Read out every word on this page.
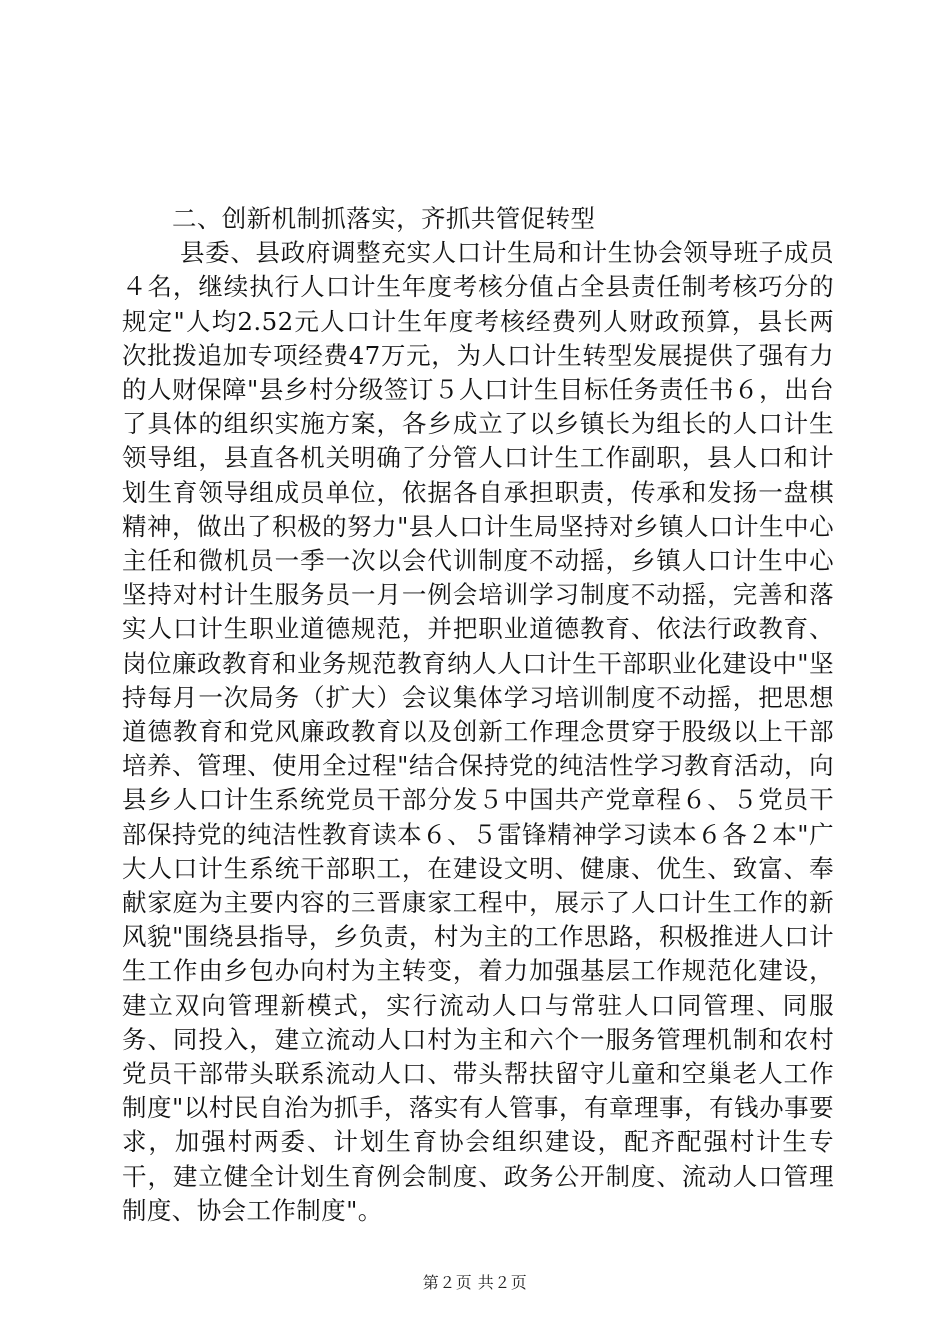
二、创新机制抓落实，齐抓共管促转型

县委、县政府调整充实人口计生局和计生协会领导班子成员４名，继续执行人口计生年度考核分值占全县责任制考核巧分的规定"人均2.52元人口计生年度考核经费列人财政预算，县长两次批拨追加专项经费47万元，为人口计生转型发展提供了强有力的人财保障"县乡村分级签订５人口计生目标任务责任书６，出台了具体的组织实施方案，各乡成立了以乡镇长为组长的人口计生领导组，县直各机关明确了分管人口计生工作副职，县人口和计划生育领导组成员单位，依据各自承担职责，传承和发扬一盘棋精神，做出了积极的努力"县人口计生局坚持对乡镇人口计生中心主任和微机员一季一次以会代训制度不动摇，乡镇人口计生中心坚持对村计生服务员一月一例会培训学习制度不动摇，完善和落实人口计生职业道德规范，并把职业道德教育、依法行政教育、岗位廉政教育和业务规范教育纳人人口计生干部职业化建设中"坚持每月一次局务（扩大）会议集体学习培训制度不动摇，把思想道德教育和党风廉政教育以及创新工作理念贯穿于股级以上干部培养、管理、使用全过程"结合保持党的纯洁性学习教育活动，向县乡人口计生系统党员干部分发５中国共产党章程６、５党员干部保持党的纯洁性教育读本６、５雷锋精神学习读本６各２本"广大人口计生系统干部职工，在建设文明、健康、优生、致富、奉献家庭为主要内容的三晋康家工程中，展示了人口计生工作的新风貌"围绕县指导，乡负责，村为主的工作思路，积极推进人口计生工作由乡包办向村为主转变，着力加强基层工作规范化建设，建立双向管理新模式，实行流动人口与常驻人口同管理、同服务、同投入，建立流动人口村为主和六个一服务管理机制和农村党员干部带头联系流动人口、带头帮扶留守儿童和空巢老人工作制度"以村民自治为抓手，落实有人管事，有章理事，有钱办事要求，加强村两委、计划生育协会组织建设，配齐配强村计生专干，建立健全计划生育例会制度、政务公开制度、流动人口管理制度、协会工作制度"。

第２页 共２页
